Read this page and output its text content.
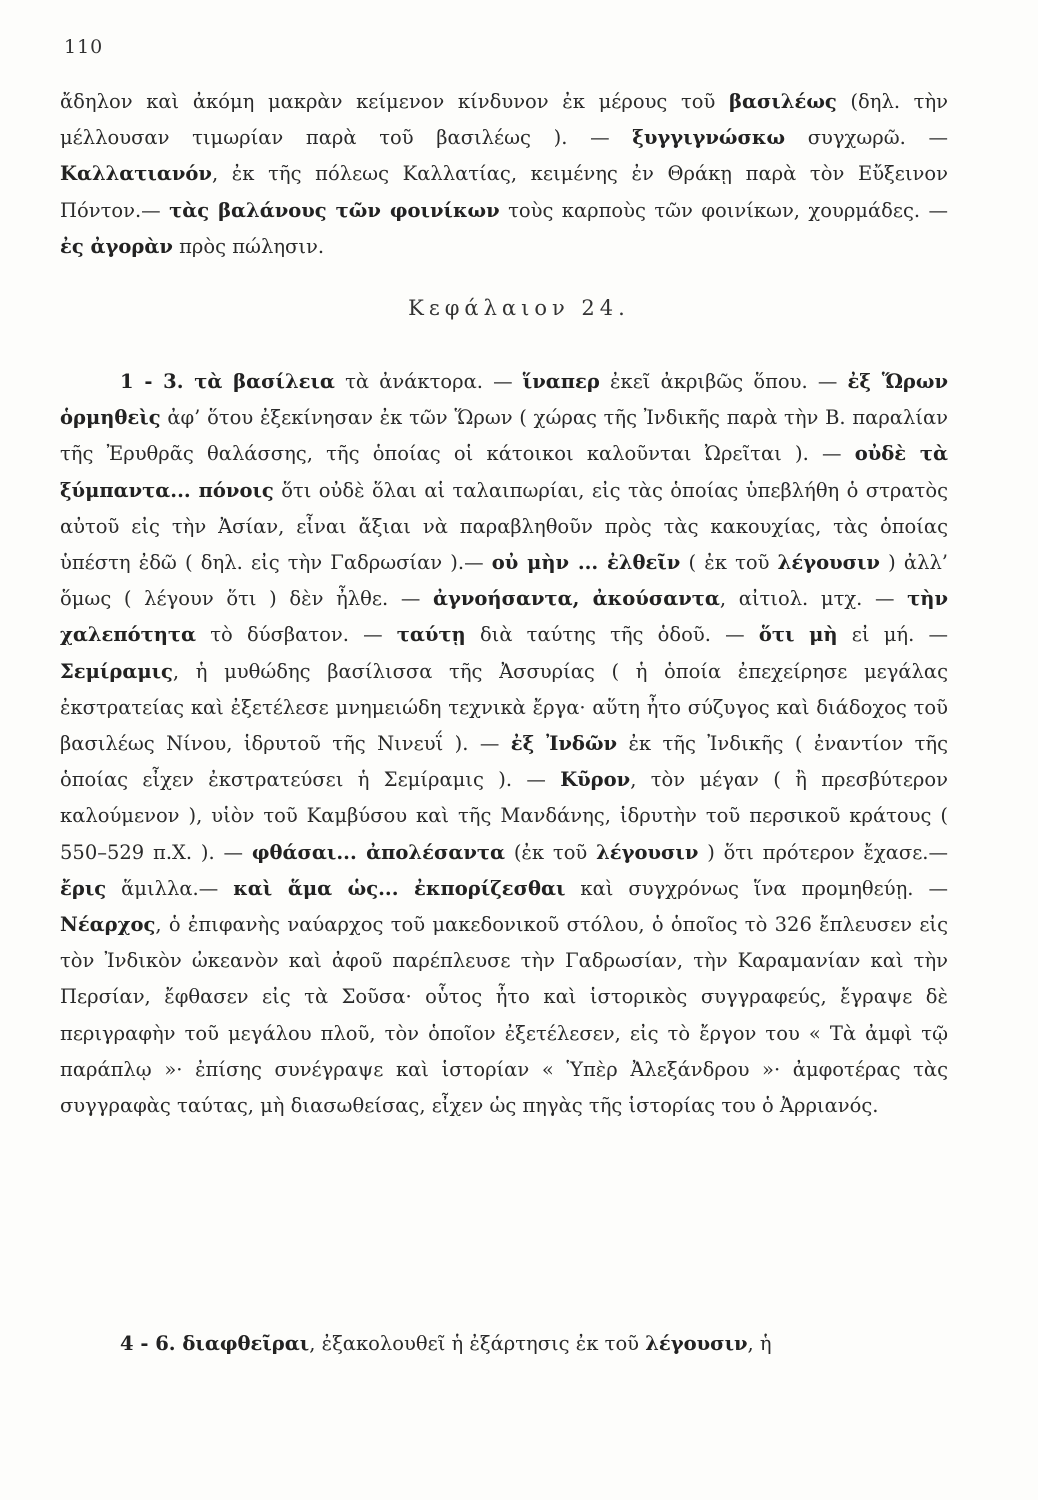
110
ἄδηλον καὶ ἀκόμη μακρὰν κείμενον κίνδυνον ἐκ μέρους τοῦ βασιλέως (δηλ. τὴν μέλλουσαν τιμωρίαν παρὰ τοῦ βασιλέως ). — ξυγγιγνώσκω συγχωρῶ. — Καλλατιανόν, ἐκ τῆς πόλεως Καλλατίας, κειμένης ἐν Θράκῃ παρὰ τὸν Εὔξεινον Πόντον.— τὰς βαλάνους τῶν φοινίκων τοὺς καρποὺς τῶν φοινίκων, χουρμάδες. — ἐς ἀγορὰν πρὸς πώλησιν.
Κεφάλαιον 24.
1 - 3. τὰ βασίλεια τὰ ἀνάκτορα. — ἵναπερ ἐκεῖ ἀκριβῶς ὅπου. — ἐξ Ὥρων ὁρμηθεὶς ἀφ’ ὅτου ἐξεκίνησαν ἐκ τῶν Ὥρων ( χώρας τῆς Ἰνδικῆς παρὰ τὴν Β. παραλίαν τῆς Ἐρυθρᾶς θαλάσσης, τῆς ὁποίας οἱ κάτοικοι καλοῦνται Ὠρεῖται ). — οὐδὲ τὰ ξύμπαντα... πόνοις ὅτι οὐδὲ ὅλαι αἱ ταλαιπωρίαι, εἰς τὰς ὁποίας ὑπεβλήθη ὁ στρατὸς αὐτοῦ εἰς τὴν Ἀσίαν, εἶναι ἄξιαι νὰ παραβληθοῦν πρὸς τὰς κακουχίας, τὰς ὁποίας ὑπέστη ἐδῶ ( δηλ. εἰς τὴν Γαδρωσίαν ).— οὐ μὴν ... ἐλθεῖν ( ἐκ τοῦ λέγουσιν ) ἀλλ’ ὅμως ( λέγουν ὅτι ) δὲν ἦλθε. — ἀγνοήσαντα, ἀκούσαντα, αἰτιολ. μτχ. — τὴν χαλεπότητα τὸ δύσβατον. — ταύτῃ διὰ ταύτης τῆς ὁδοῦ. — ὅτι μὴ εἰ μή. — Σεμίραμις, ἡ μυθώδης βασίλισσα τῆς Ἀσσυρίας ( ἡ ὁποία ἐπεχείρησε μεγάλας ἐκστρατείας καὶ ἐξετέλεσε μνημειώδη τεχνικὰ ἔργα· αὕτη ἦτο σύζυγος καὶ διάδοχος τοῦ βασιλέως Νίνου, ἱδρυτοῦ τῆς Νινευΐ ). — ἐξ Ἰνδῶν ἐκ τῆς Ἰνδικῆς ( ἐναντίον τῆς ὁποίας εἶχεν ἐκστρατεύσει ἡ Σεμίραμις ). — Κῦρον, τὸν μέγαν ( ἢ πρεσβύτερον καλούμενον ), υἱὸν τοῦ Καμβύσου καὶ τῆς Μανδάνης, ἱδρυτὴν τοῦ περσικοῦ κράτους ( 550–529 π.Χ. ). — φθάσαι... ἀπολέσαντα (ἐκ τοῦ λέγουσιν ) ὅτι πρότερον ἔχασε.— ἔρις ἅμιλλα.— καὶ ἅμα ὡς... ἐκπορίζεσθαι καὶ συγχρόνως ἵνα προμηθεύῃ. — Νέαρχος, ὁ ἐπιφανὴς ναύαρχος τοῦ μακεδονικοῦ στόλου, ὁ ὁποῖος τὸ 326 ἔπλευσεν εἰς τὸν Ἰνδικὸν ὠκεανὸν καὶ ἀφοῦ παρέπλευσε τὴν Γαδρωσίαν, τὴν Καραμανίαν καὶ τὴν Περσίαν, ἔφθασεν εἰς τὰ Σοῦσα· οὗτος ἦτο καὶ ἱστορικὸς συγγραφεύς, ἔγραψε δὲ περιγραφὴν τοῦ μεγάλου πλοῦ, τὸν ὁποῖον ἐξετέλεσεν, εἰς τὸ ἔργον του « Τὰ ἀμφὶ τῷ παράπλῳ »· ἐπίσης συνέγραψε καὶ ἱστορίαν « Ὑπὲρ Ἀλεξάνδρου »· ἀμφοτέρας τὰς συγγραφὰς ταύτας, μὴ διασωθείσας, εἶχεν ὡς πηγὰς τῆς ἱστορίας του ὁ Ἀρριανός.
4 - 6. διαφθεῖραι, ἐξακολουθεῖ ἡ ἐξάρτησις ἐκ τοῦ λέγουσιν, ἡ
